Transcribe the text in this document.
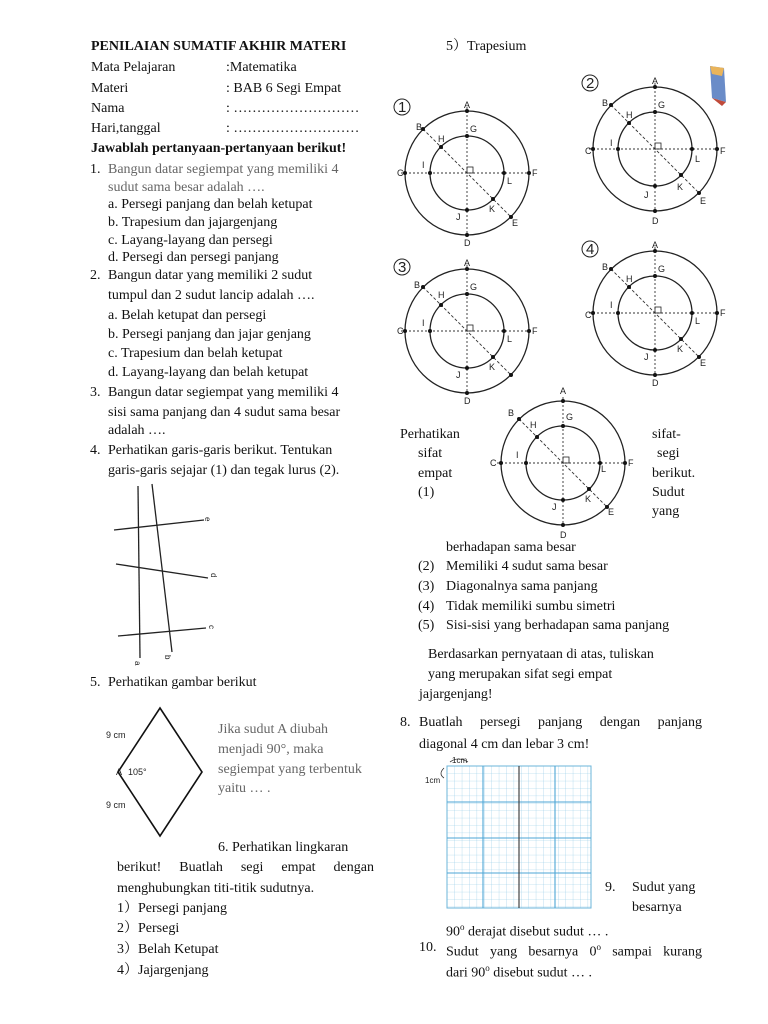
PENILAIAN SUMATIF AKHIR MATERI
Mata Pelajaran	:Matematika
Materi	: BAB 6 Segi Empat
Nama	: ………………………
Hari,tanggal	: ………………………
Jawablah pertanyaan-pertanyaan berikut!
1. Bangun datar segiempat yang memiliki 4
sudut sama besar adalah ….
a. Persegi panjang dan belah ketupat
b. Trapesium dan jajargenjang
c. Layang-layang dan persegi
d. Persegi dan persegi panjang
2. Bangun datar yang memiliki 2 sudut
tumpul dan 2 sudut lancip adalah ….
a. Belah ketupat dan persegi
b. Persegi panjang dan jajar genjang
c. Trapesium dan belah ketupat
d. Layang-layang dan belah ketupat
3. Bangun datar segiempat yang memiliki 4
sisi sama panjang dan 4 sudut sama besar
adalah ….
4. Perhatikan garis-garis berikut. Tentukan
garis-garis sejajar (1) dan tegak lurus (2).
a
b
c
d
e
5. Perhatikan gambar berikut
9 cm
9 cm
A 105°
Jika sudut A diubah
menjadi 90°, maka
segiempat yang terbentuk
yaitu … .
6. Perhatikan lingkaran
berikut! Buatlah segi empat dengan
menghubungkan titi-titik sudutnya.
1）Persegi panjang
2）Persegi
3）Belah Ketupat
4）Jajargenjang
5）Trapesium
1	A
B
C
D
E
F
G
H
I
J
K
L
2	A
B
C
D
E
F
G
H
I
J
K
L
3	A
B
C
D
F
G
H
I
J
K
L
4	A
B
C
D
E
F
G
H
I
J
K
L
A
B
C
D
E
F
G
H
I
J
K
L
Perhatikan
sifat
empat
(1)
sifat-
segi
berikut.
Sudut
yang
berhadapan sama besar
(2) Memiliki 4 sudut sama besar
(3) Diagonalnya sama panjang
(4) Tidak memiliki sumbu simetri
(5) Sisi-sisi yang berhadapan sama panjang
Berdasarkan pernyataan di atas, tuliskan
yang merupakan sifat segi empat
jajargenjang!
8. Buatlah persegi panjang dengan panjang
diagonal 4 cm dan lebar 3 cm!
1cm
1cm
9. Sudut yang
besarnya
90$^o$ derajat disebut sudut … .
10. Sudut yang besarnya 0$^o$ sampai kurang
dari 90$^o$ disebut sudut … .
